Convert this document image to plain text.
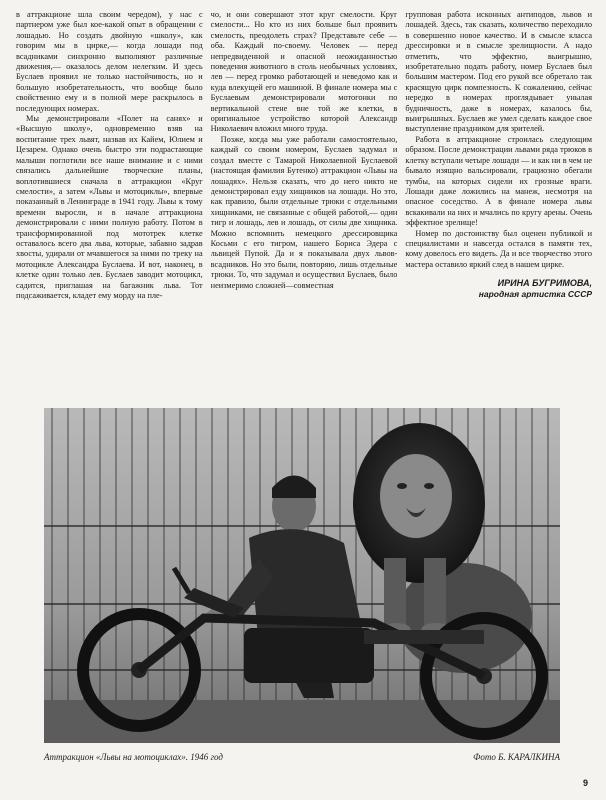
в аттракционе шла своим чередом), у нас с партнером уже был кое-какой опыт в обращении с лошадью. Но создать двойную «школу», как говорим мы в цирке,— когда лошади под всадниками синхронно выполняют различные движения,— оказалось делом нелегким. И здесь Буслаев проявил не только настойчивость, но и большую изобретательность, что вообще было свойственно ему и в полной мере раскрылось в последующих номерах.

Мы демонстрировали «Полет на санях» и «Высшую школу», одновременно взяв на воспитание трех львят, назвав их Кайем, Юлием и Цезарем. Однако очень быстро эти подрастающие малыши поглотили все наше внимание и с ними связались дальнейшие творческие планы, воплотившиеся сначала в аттракцион «Круг смелости», а затем «Львы и мотоциклы», впервые показанный в Ленинграде в 1941 году. Львы к тому времени выросли, и в начале аттракциона демонстрировали с ними полную работу. Потом в трансформированной под мототрек клетке оставалось всего два льва, которые, забавно задрав хвосты, удирали от мчавшегося за ними по треку на мотоцикле Александра Буслаева. И вот, наконец, в клетке один только лев. Буслаев заводит мотоцикл, садится, приглашая на багажник льва. Тот подсаживается, кладет ему морду на пле-

чо, и они совершают этот круг смелости. Круг смелости... Но кто из них больше был проявить смелость, преодолеть страх? Представьте себе — оба. Каждый по-своему. Человек — перед непредвиденной и опасной неожиданностью поведения животного в столь необычных условиях, лев — перед громко работающей и неведомо как и куда влекущей его машиной. В финале номера мы с Буслаевым демонстрировали мотогонки по вертикальной стене вне той же клетки, в оригинальное устройство которой Александр Николаевич вложил много труда.

Позже, когда мы уже работали самостоятельно, каждый со своим номером, Буслаев задумал и создал вместе с Тамарой Николаевной Буслаевой (настоящая фамилия Бутенко) аттракцион «Львы на лошадях». Нельзя сказать, что до него никто не демонстрировал езду хищников на лошади. Но это, как правило, были отдельные трюки с отдельными хищниками, не связанные с общей работой,— один тигр и лошадь, лев и лошадь, от силы две хищника. Можно вспомнить немецкого дрессировщика Косьми с его тигром, нашего Бориса Эдера с львицей Пупой. Да и я показывала двух львов-всадников. Но это были, повторяю, лишь отдельные трюки. То, что задумал и осуществил Буслаев, было неизмеримо сложней—совместная

групповая работа исконных антиподов, львов и лошадей. Здесь, так сказать, количество переходило в совершенно новое качество. И в смысле класса дрессировки и в смысле зрелищности. А надо отметить, что эффектно, выигрышно, изобретательно подать работу, номер Буслаев был большим мастером. Под его рукой все обретало так красящую цирк помпезность. К сожалению, сейчас нередко в номерах проглядывает унылая будничность, даже в номерах, казалось бы, выигрышных. Буслаев же умел сделать каждое свое выступление праздником для зрителей.

Работа в аттракционе строилась следующим образом. После демонстрации львами ряда трюков в клетку вступали четыре лошади — и как ни в чем не бывало изящно вальсировали, грациозно обегали тумбы, на которых сидели их грозные враги. Лошади даже ложились на манеж, несмотря на опасное соседство. А в финале номера львы вскакивали на них и мчались по кругу арены. Очень эффектное зрелище!

Номер по достоинству был оценен публикой и специалистами и навсегда остался в памяти тех, кому довелось его видеть. Да и все творчество этого мастера оставило яркий след в нашем цирке.

ИРИНА БУГРИМОВА,
народная артистка СССР
Аттракцион «Львы на мотоциклах». 1946 год	Фото Б. КАРАЛКИНА
9
